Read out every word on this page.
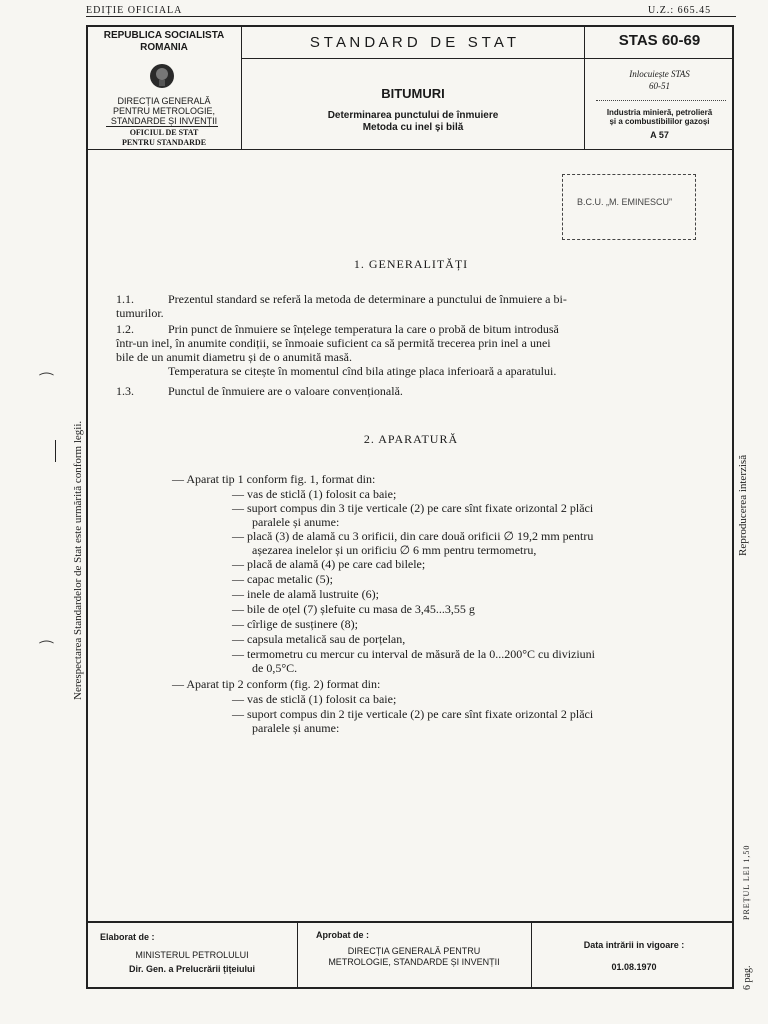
EDIȚIE OFICIALA	U.Z.: 665.45
REPUBLICA SOCIALISTA
ROMANIA
DIRECȚIA GENERALĂ
PENTRU METROLOGIE,
STANDARDE ȘI INVENȚII
OFICIUL DE STAT
PENTRU STANDARDE
S T A N D A R D   D E   S T A T
BITUMURI
Determinarea punctului de înmuiere
Metoda cu inel și bilă
STAS 60-69
Inlocuiește STAS
60-51
Industria minieră, petrolieră
și a combustibililor gazoși
A 57
B.C.U. „M. EMINESCU”
Nerespectarea Standardelor de Stat este urmărită conform legii.	Reproducerea interzisă
PREȚUL LEI 1,50
6 pag.
⁀
⁀
1. GENERALITĂȚI
1.1.	Prezentul standard se referă la metoda de determinare a punctului de înmuiere a bi-
tumurilor.
1.2.	Prin punct de înmuiere se înțelege temperatura la care o probă de bitum introdusă
într-un inel, în anumite condiții, se înmoaie suficient ca să permită trecerea prin inel a unei
bile de un anumit diametru și de o anumită masă.
Temperatura se citește în momentul cînd bila atinge placa inferioară a aparatului.
1.3.	Punctul de înmuiere are o valoare convențională.
2. APARATURĂ
— Aparat tip 1 conform fig. 1, format din:
— vas de sticlă (1) folosit ca baie;
— suport compus din 3 tije verticale (2) pe care sînt fixate orizontal 2 plăci
paralele și anume:
— placă (3) de alamă cu 3 orificii, din care două orificii ∅ 19,2 mm pentru
așezarea inelelor și un orificiu ∅ 6 mm pentru termometru,
— placă de alamă (4) pe care cad bilele;
— capac metalic (5);
— inele de alamă lustruite (6);
— bile de oțel (7) șlefuite cu masa de 3,45...3,55 g
— cîrlige de susținere (8);
— capsula metalică sau de porțelan,
— termometru cu mercur cu interval de măsură de la 0...200°C cu diviziuni
de 0,5°C.
— Aparat tip 2 conform (fig. 2) format din:
— vas de sticlă (1) folosit ca baie;
— suport compus din 2 tije verticale (2) pe care sînt fixate orizontal 2 plăci
paralele și anume:
Elaborat de :
MINISTERUL PETROLULUI
Dir. Gen. a Prelucrării țițeiului
Aprobat de :
DIRECȚIA GENERALĂ PENTRU
METROLOGIE, STANDARDE ȘI INVENȚII
Data intrării in vigoare :
01.08.1970
